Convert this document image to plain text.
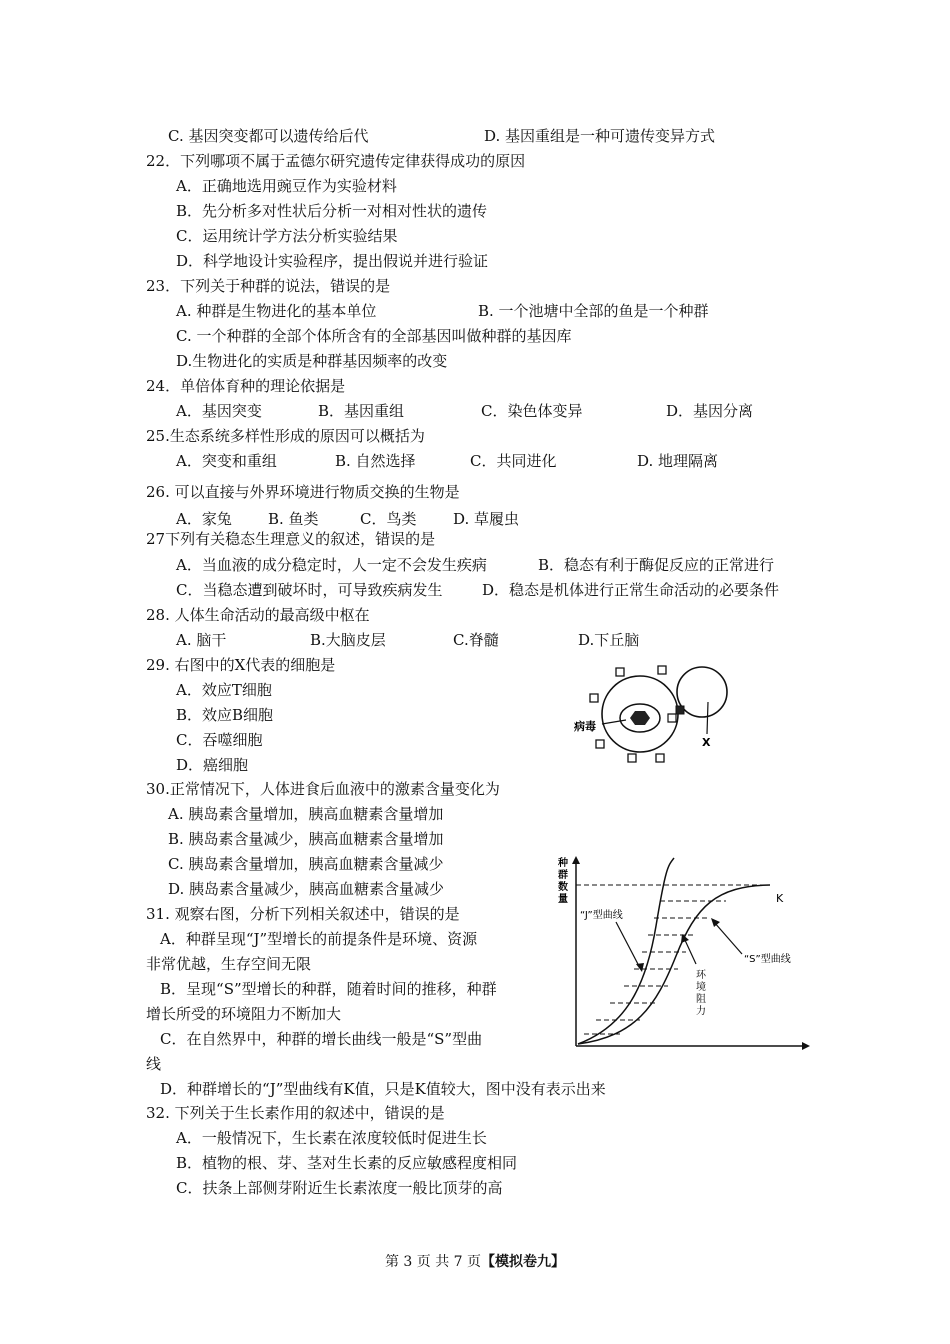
C. 基因突变都可以遗传给后代	D. 基因重组是一种可遗传变异方式
22．下列哪项不属于孟德尔研究遗传定律获得成功的原因
A．正确地选用豌豆作为实验材料
B．先分析多对性状后分析一对相对性状的遗传
C．运用统计学方法分析实验结果
D．科学地设计实验程序，提出假说并进行验证
23．下列关于种群的说法，错误的是
A. 种群是生物进化的基本单位	B. 一个池塘中全部的鱼是一个种群
C. 一个种群的全部个体所含有的全部基因叫做种群的基因库
D.生物进化的实质是种群基因频率的改变
24．单倍体育种的理论依据是
A．基因突变	B．基因重组	C．染色体变异	D．基因分离
25.生态系统多样性形成的原因可以概括为
A．突变和重组	B. 自然选择	C．共同进化	D. 地理隔离
26. 可以直接与外界环境进行物质交换的生物是
A．家兔 B. 鱼类	C．鸟类 D. 草履虫
27下列有关稳态生理意义的叙述，错误的是
A．当血液的成分稳定时，人一定不会发生疾病	B．稳态有利于酶促反应的正常进行
C．当稳态遭到破坏时，可导致疾病发生	D．稳态是机体进行正常生命活动的必要条件
28. 人体生命活动的最高级中枢在
A. 脑干	B.大脑皮层	C.脊髓	D.下丘脑
29. 右图中的X代表的细胞是
A．效应T细胞
B．效应B细胞
C．吞噬细胞
D．癌细胞
病毒
X
30.正常情况下，人体进食后血液中的激素含量变化为
A. 胰岛素含量增加，胰高血糖素含量增加
B. 胰岛素含量减少，胰高血糖素含量增加
C. 胰岛素含量增加，胰高血糖素含量减少
D. 胰岛素含量减少，胰高血糖素含量减少
31. 观察右图，分析下列相关叙述中，错误的是
A．种群呈现“J”型增长的前提条件是环境、资源
非常优越，生存空间无限
B．呈现“S”型增长的种群，随着时间的推移，种群
增长所受的环境阻力不断加大
C．在自然界中，种群的增长曲线一般是“S”型曲
线
D．种群增长的“J”型曲线有K值，只是K值较大，图中没有表示出来
种
群
数
量
“J”型曲线
K
“S”型曲线
环
境
阻
力
32. 下列关于生长素作用的叙述中，错误的是
A．一般情况下，生长素在浓度较低时促进生长
B．植物的根、芽、茎对生长素的反应敏感程度相同
C．扶条上部侧芽附近生长素浓度一般比顶芽的高
第 3 页 共 7 页【模拟卷九】
